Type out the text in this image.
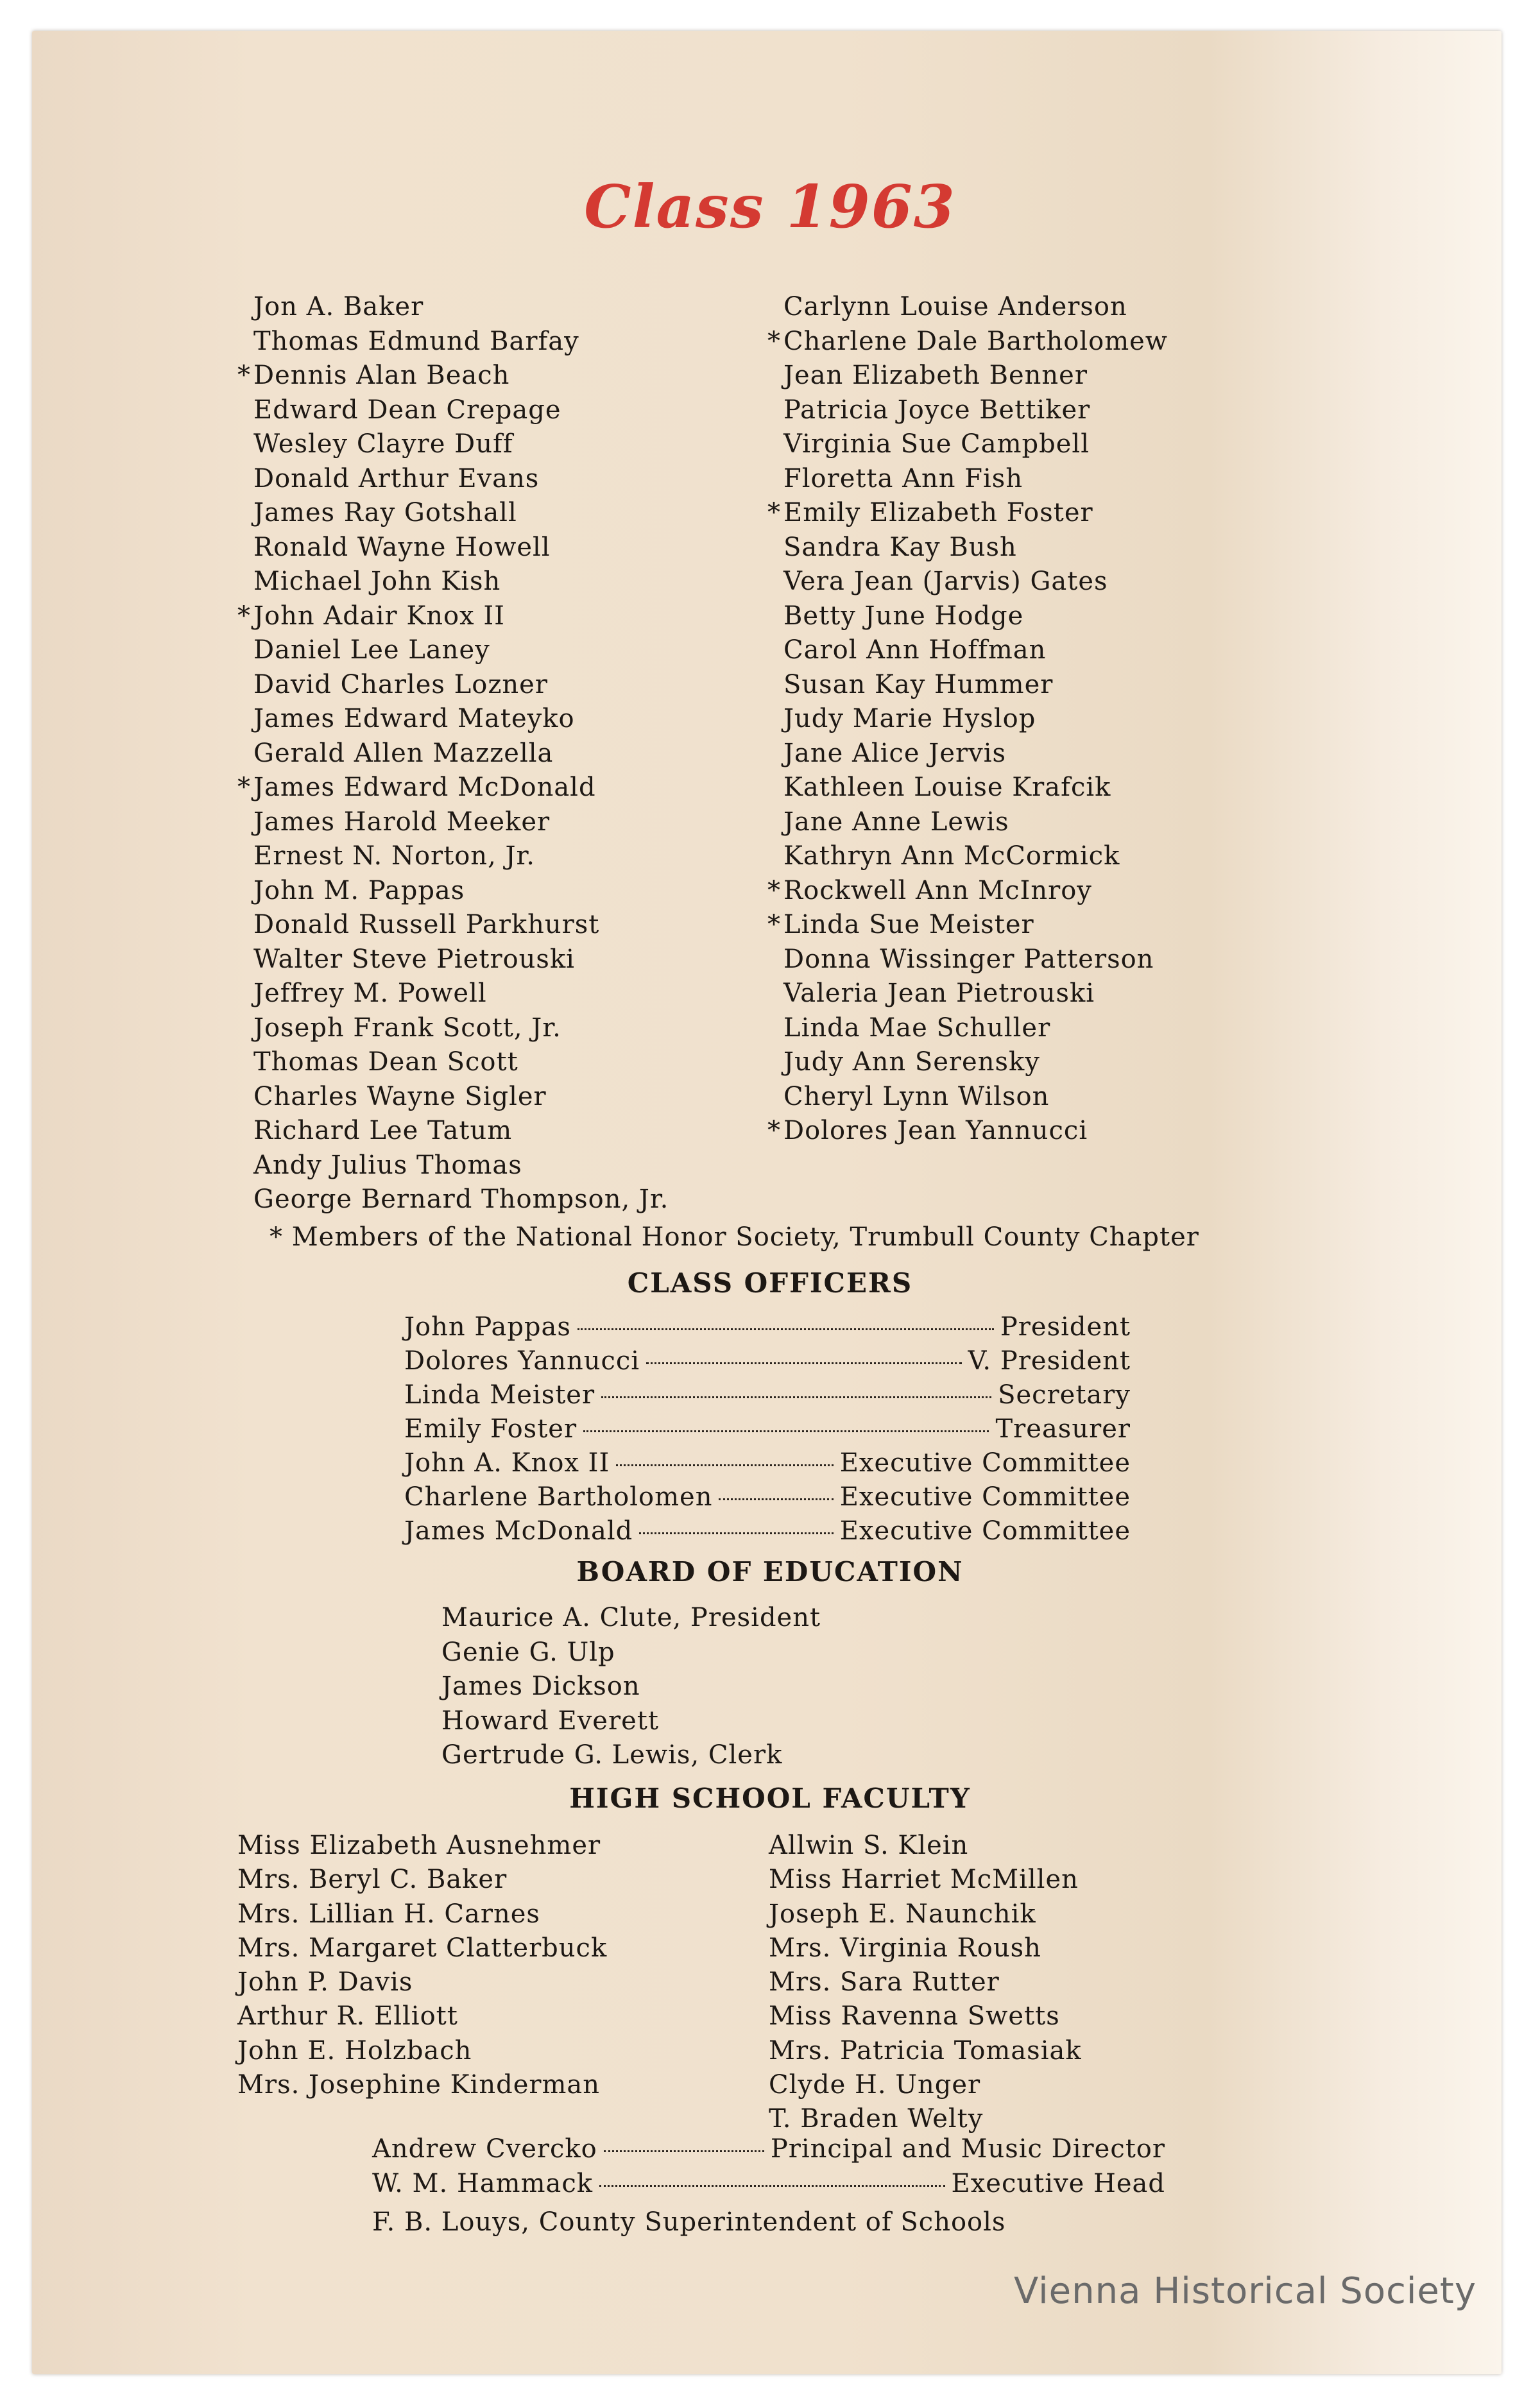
Class 1963
Jon A. Baker
Thomas Edmund Barfay
* Dennis Alan Beach
Edward Dean Crepage
Wesley Clayre Duff
Donald Arthur Evans
James Ray Gotshall
Ronald Wayne Howell
Michael John Kish
* John Adair Knox II
Daniel Lee Laney
David Charles Lozner
James Edward Mateyko
Gerald Allen Mazzella
* James Edward McDonald
James Harold Meeker
Ernest N. Norton, Jr.
John M. Pappas
Donald Russell Parkhurst
Walter Steve Pietrouski
Jeffrey M. Powell
Joseph Frank Scott, Jr.
Thomas Dean Scott
Charles Wayne Sigler
Richard Lee Tatum
Andy Julius Thomas
George Bernard Thompson, Jr.
Carlynn Louise Anderson
* Charlene Dale Bartholomew
Jean Elizabeth Benner
Patricia Joyce Bettiker
Virginia Sue Campbell
Floretta Ann Fish
* Emily Elizabeth Foster
Sandra Kay Bush
Vera Jean (Jarvis) Gates
Betty June Hodge
Carol Ann Hoffman
Susan Kay Hummer
Judy Marie Hyslop
Jane Alice Jervis
Kathleen Louise Krafcik
Jane Anne Lewis
Kathryn Ann McCormick
* Rockwell Ann McInroy
* Linda Sue Meister
Donna Wissinger Patterson
Valeria Jean Pietrouski
Linda Mae Schuller
Judy Ann Serensky
Cheryl Lynn Wilson
* Dolores Jean Yannucci
* Members of the National Honor Society, Trumbull County Chapter
CLASS OFFICERS
John Pappas	President
Dolores Yannucci	V. President
Linda Meister	Secretary
Emily Foster	Treasurer
John A. Knox II	Executive Committee
Charlene Bartholomen	Executive Committee
James McDonald	Executive Committee
BOARD OF EDUCATION
Maurice A. Clute, President
Genie G. Ulp
James Dickson
Howard Everett
Gertrude G. Lewis, Clerk
HIGH SCHOOL FACULTY
Miss Elizabeth Ausnehmer
Mrs. Beryl C. Baker
Mrs. Lillian H. Carnes
Mrs. Margaret Clatterbuck
John P. Davis
Arthur R. Elliott
John E. Holzbach
Mrs. Josephine Kinderman
Allwin S. Klein
Miss Harriet McMillen
Joseph E. Naunchik
Mrs. Virginia Roush
Mrs. Sara Rutter
Miss Ravenna Swetts
Mrs. Patricia Tomasiak
Clyde H. Unger
T. Braden Welty
Andrew Cvercko	Principal and Music Director
W. M. Hammack	Executive Head
F. B. Louys, County Superintendent of Schools
Vienna Historical Society
